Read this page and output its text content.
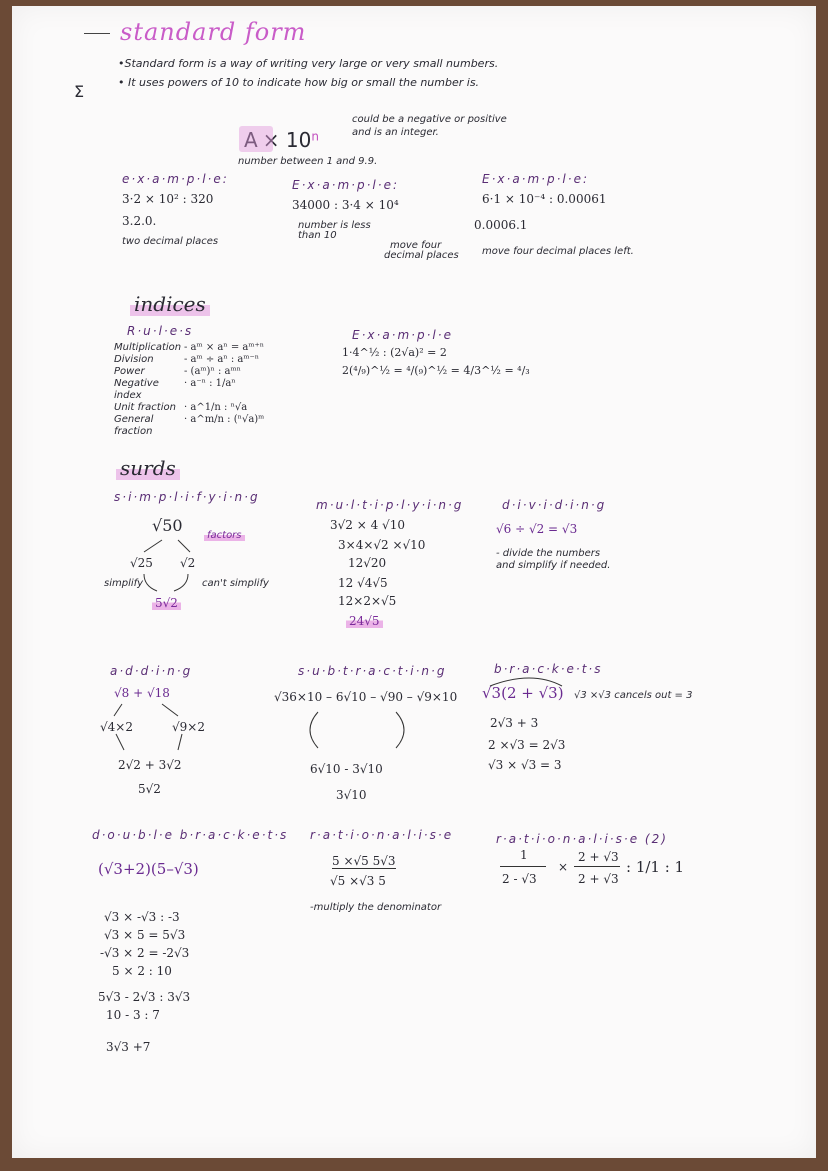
Σ
standard form
•Standard form is a way of writing very large or very small numbers.
• It uses powers of 10 to indicate how big or small the number is.
$A \times 10^n$
could be a negative or positive
and is an integer.
number between 1 and 9.9.
e·x·a·m·p·l·e:
3·2 × 10² : 320
3.2.0.
two decimal places
E·x·a·m·p·l·e:
34000 : 3·4 × 10⁴
number is less
than 10
move four
decimal places
E·x·a·m·p·l·e:
6·1 × 10⁻⁴ : 0.00061
0.0006.1
move four decimal places left.
indices
R·u·l·e·s
Multiplication - aᵐ × aⁿ = aᵐ⁺ⁿ
Division	- aᵐ ÷ aⁿ : aᵐ⁻ⁿ
Power	- (aᵐ)ⁿ : aᵐⁿ
Negative index
· a⁻ⁿ : 1/aⁿ
Unit fraction · a^1/n : ⁿ√a
General fraction
· a^m/n : (ⁿ√a)ᵐ
E·x·a·m·p·l·e
1·4^½ : (2√a)² = 2
2(⁴/₉)^½ = ⁴/(₉)^½ = 4/3^½ = ⁴/₃
surds
s·i·m·p·l·i·f·y·i·n·g
√50
factors
√25 √2
simplify	can't simplify
5√2
m·u·l·t·i·p·l·y·i·n·g
3√2 × 4 √10
3×4×√2 ×√10
12√20
12 √4√5
12×2×√5
24√5
d·i·v·i·d·i·n·g
√6 ÷ √2 = √3
- divide the numbers
and simplify if needed.
a·d·d·i·n·g
√8 + √18
√4×2	√9×2
2√2 + 3√2
5√2
s·u·b·t·r·a·c·t·i·n·g
√36×10 – 6√10 – √90 – √9×10
6√10 - 3√10
3√10
b·r·a·c·k·e·t·s
√3(2 + √3) √3 ×√3 cancels out = 3
2√3 + 3
2 ×√3 = 2√3
√3 × √3 = 3
d·o·u·b·l·e b·r·a·c·k·e·t·s
(√3+2)(5–√3)
√3 × -√3 : -3
√3 × 5 = 5√3
-√3 × 2 = -2√3
5 × 2 : 10
5√3 - 2√3 : 3√3
10 - 3 : 7
3√3 +7
r·a·t·i·o·n·a·l·i·s·e
5 ×√5 5√3
√5 ×√3 5
-multiply the denominator
r·a·t·i·o·n·a·l·i·s·e (2)
1
2 - √3
×
2 + √3
2 + √3
: 1/1 : 1
